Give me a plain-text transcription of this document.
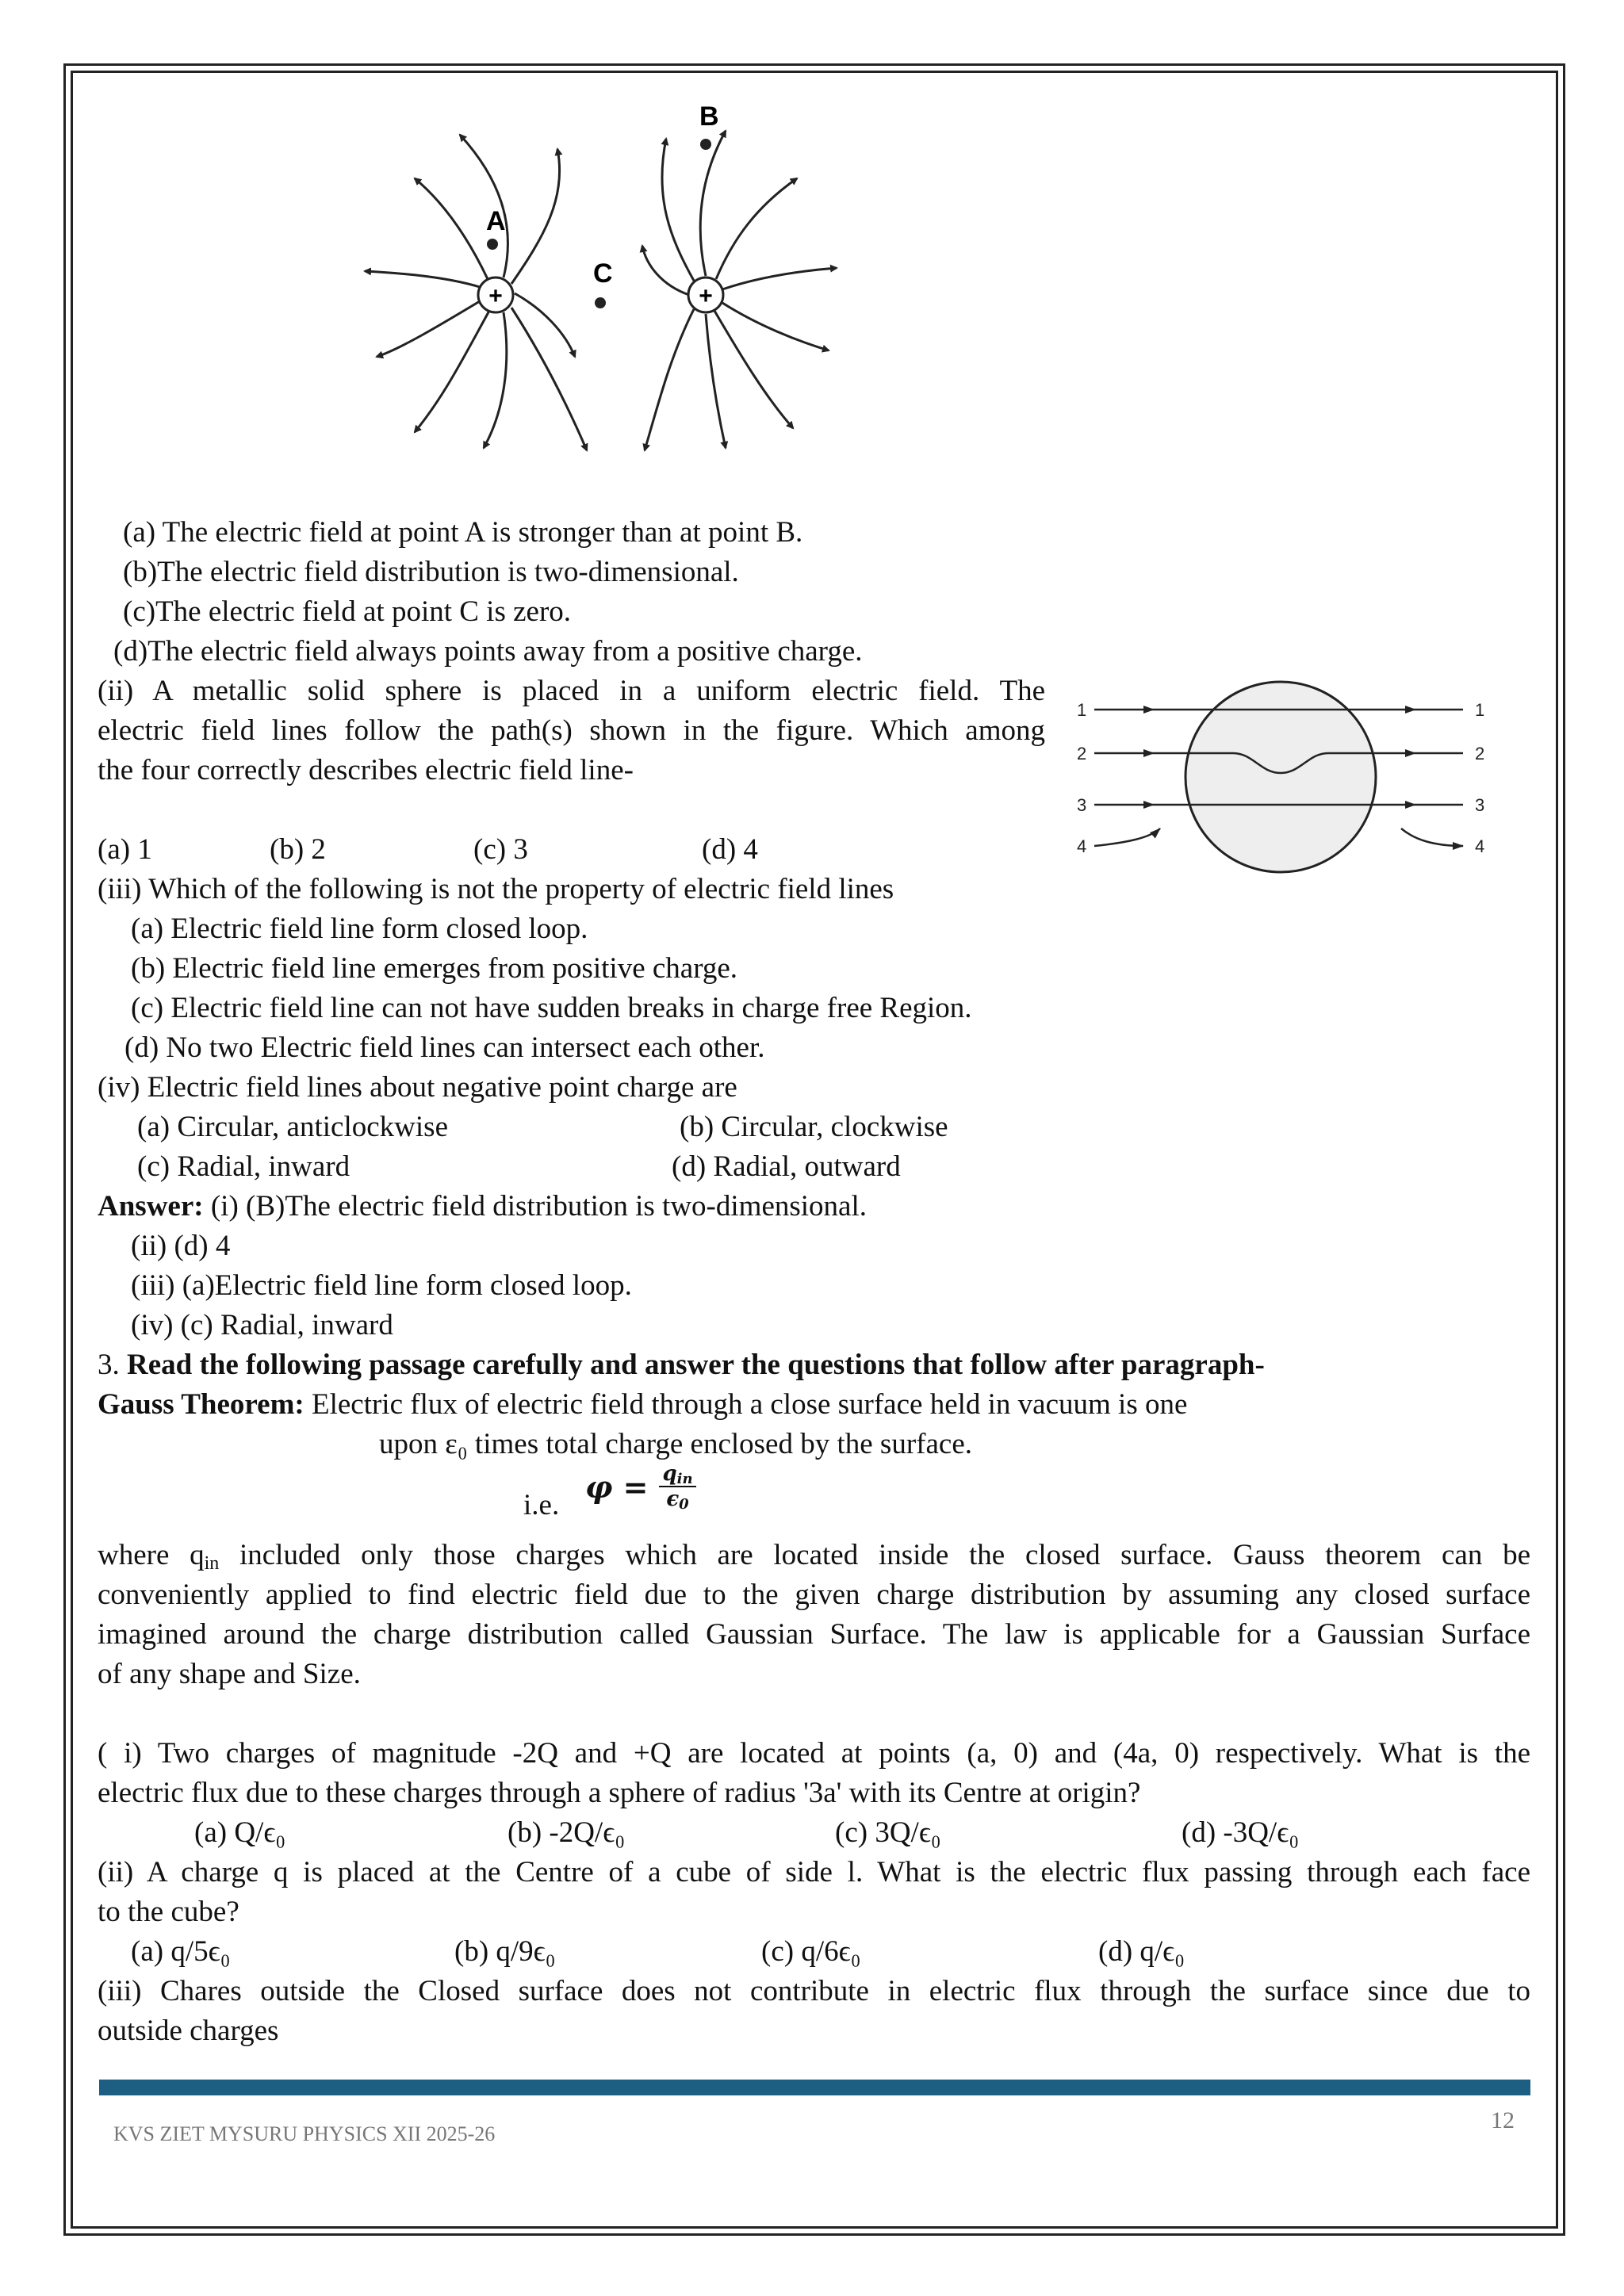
+	+
A
B
C
(a) The electric field at point A is stronger than at point B.
(b)The electric field distribution is two-dimensional.
(c)The electric field at point C is zero.
(d)The electric field always points away from a positive charge.
(ii) A metallic solid sphere is placed in a uniform electric field. The
electric field lines follow the path(s) shown in the figure. Which among
the four correctly describes electric field line-
1
2
3
4
1
2
3
4
(a) 1	(b) 2	(c) 3	(d) 4
(iii) Which of the following is not the property of electric field lines
(a) Electric field line form closed loop.
(b) Electric field line emerges from positive charge.
(c) Electric field line can not have sudden breaks in charge free Region.
(d) No two Electric field lines can intersect each other.
(iv) Electric field lines about negative point charge are
(a) Circular, anticlockwise	(b) Circular, clockwise
(c) Radial, inward	(d) Radial, outward
Answer: (i) (B)The electric field distribution is two-dimensional.
(ii) (d) 4
(iii) (a)Electric field line form closed loop.
(iv) (c) Radial, inward
3. Read the following passage carefully and answer the questions that follow after paragraph-
Gauss Theorem: Electric flux of electric field through a close surface held in vacuum is one
upon ε₀ times total charge enclosed by the surface.
i.e.
$\varphi = q_{in}$
$\epsilon_0$
where $q_{in}$ included only those charges which are located inside the closed surface. Gauss theorem can be
conveniently applied to find electric field due to the given charge distribution by assuming any closed surface
imagined around the charge distribution called Gaussian Surface. The law is applicable for a Gaussian Surface
of any shape and Size.
( i) Two charges of magnitude -2Q and +Q are located at points (a, 0) and (4a, 0) respectively. What is the
electric flux due to these charges through a sphere of radius '3a' with its Centre at origin?
(a) Q/ϵ₀	(b) -2Q/ϵ₀	(c) 3Q/ϵ₀	(d) -3Q/ϵ₀
(ii) A charge q is placed at the Centre of a cube of side l. What is the electric flux passing through each face
to the cube?
(a) q/5ϵ₀	(b) q/9ϵ₀	(c) q/6ϵ₀	(d) q/ϵ₀
(iii) Chares outside the Closed surface does not contribute in electric flux through the surface since due to
outside charges
KVS ZIET MYSURU PHYSICS XII 2025-26
12
